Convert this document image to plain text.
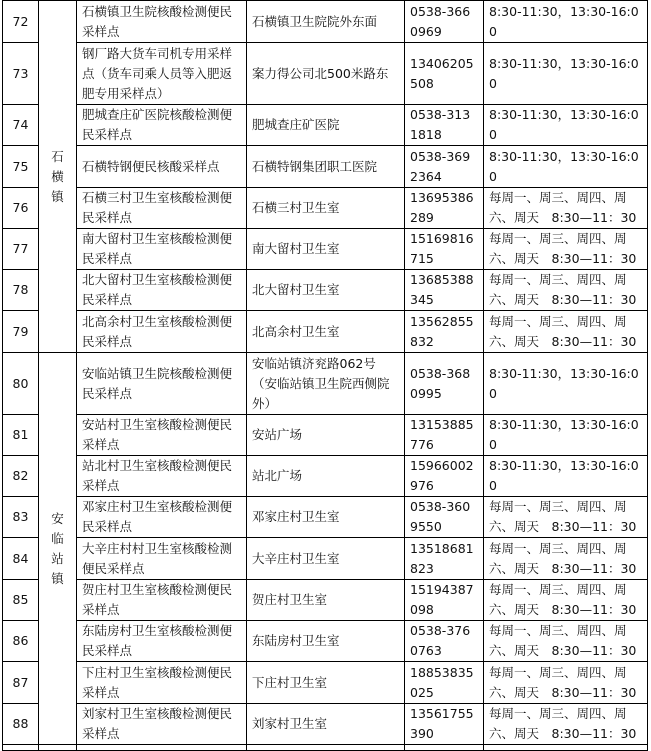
72	石横镇	石横镇卫生院核酸检测便民采样点	石横镇卫生院院外东面	0538-3660969	8:30-11:30，13:30-16:00
73		钢厂路大货车司机专用采样点（货车司乘人员等入肥返肥专用采样点）	案力得公司北500米路东	13406205508	8:30-11:30，13:30-16:00
74		肥城查庄矿医院核酸检测便民采样点	肥城查庄矿医院	0538-3131818	8:30-11:30，13:30-16:00
75		石横特钢便民核酸采样点	石横特钢集团职工医院	0538-3692364	8:30-11:30，13:30-16:00
76		石横三村卫生室核酸检测便民采样点	石横三村卫生室	13695386289	每周一、周三、周四、周六、周天　8:30—11：30
77		南大留村卫生室核酸检测便民采样点	南大留村卫生室	15169816715	每周一、周三、周四、周六、周天　8:30—11：30
78		北大留村卫生室核酸检测便民采样点	北大留村卫生室	13685388345	每周一、周三、周四、周六、周天　8:30—11：30
79		北高余村卫生室核酸检测便民采样点	北高余村卫生室	13562855832	每周一、周三、周四、周六、周天　8:30—11：30
80	安临站镇	安临站镇卫生院核酸检测便民采样点	安临站镇济兖路062号（安临站镇卫生院西侧院外）	0538-3680995	8:30-11:30，13:30-16:00
81		安站村卫生室核酸检测便民采样点	安站广场	13153885776	8:30-11:30，13:30-16:00
82		站北村卫生室核酸检测便民采样点	站北广场	15966002976	8:30-11:30，13:30-16:00
83		邓家庄村卫生室核酸检测便民采样点	邓家庄村卫生室	0538-3609550	每周一、周三、周四、周六、周天　8:30—11：30
84		大辛庄村村卫生室核酸检测便民采样点	大辛庄村卫生室	13518681823	每周一、周三、周四、周六、周天　8:30—11：30
85		贺庄村卫生室核酸检测便民采样点	贺庄村卫生室	15194387098	每周一、周三、周四、周六、周天　8:30—11：30
86		东陆房村卫生室核酸检测便民采样点	东陆房村卫生室	0538-3760763	每周一、周三、周四、周六、周天　8:30—11：30
87		下庄村卫生室核酸检测便民采样点	下庄村卫生室	18853835025	每周一、周三、周四、周六、周天　8:30—11：30
88		刘家村卫生室核酸检测便民采样点	刘家村卫生室	13561755390	每周一、周三、周四、周六、周天　8:30—11：30
